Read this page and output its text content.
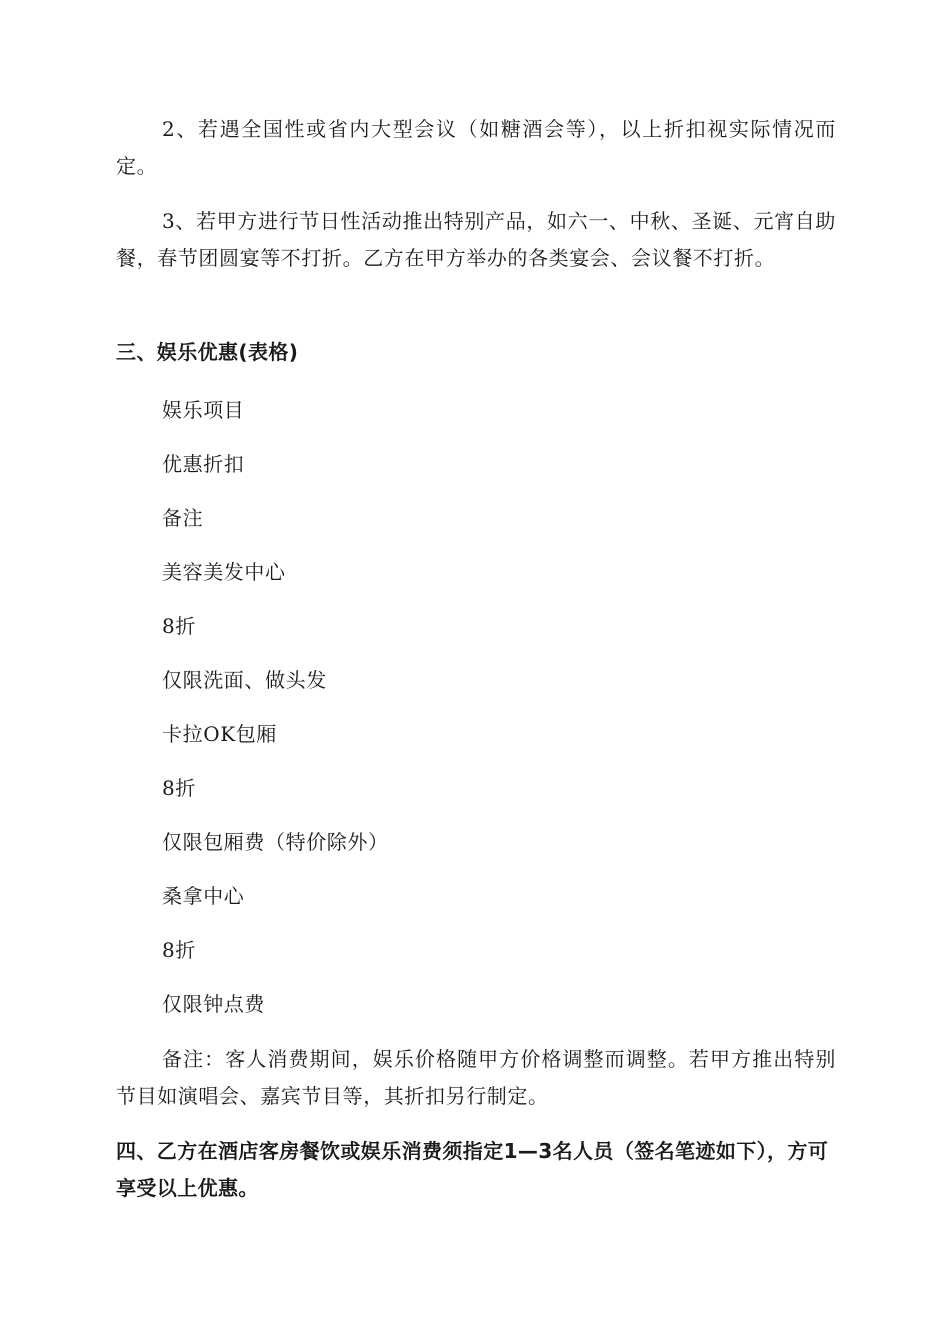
2、若遇全国性或省内大型会议（如糖酒会等），以上折扣视实际情况而定。

3、若甲方进行节日性活动推出特别产品，如六一、中秋、圣诞、元宵自助餐，春节团圆宴等不打折。乙方在甲方举办的各类宴会、会议餐不打折。

三、娱乐优惠(表格)

娱乐项目

优惠折扣

备注

美容美发中心

8折

仅限洗面、做头发

卡拉OK包厢

8折

仅限包厢费（特价除外）

桑拿中心

8折

仅限钟点费

备注：客人消费期间，娱乐价格随甲方价格调整而调整。若甲方推出特别节目如演唱会、嘉宾节目等，其折扣另行制定。

四、乙方在酒店客房餐饮或娱乐消费须指定1—3名人员（签名笔迹如下），方可享受以上优惠。
